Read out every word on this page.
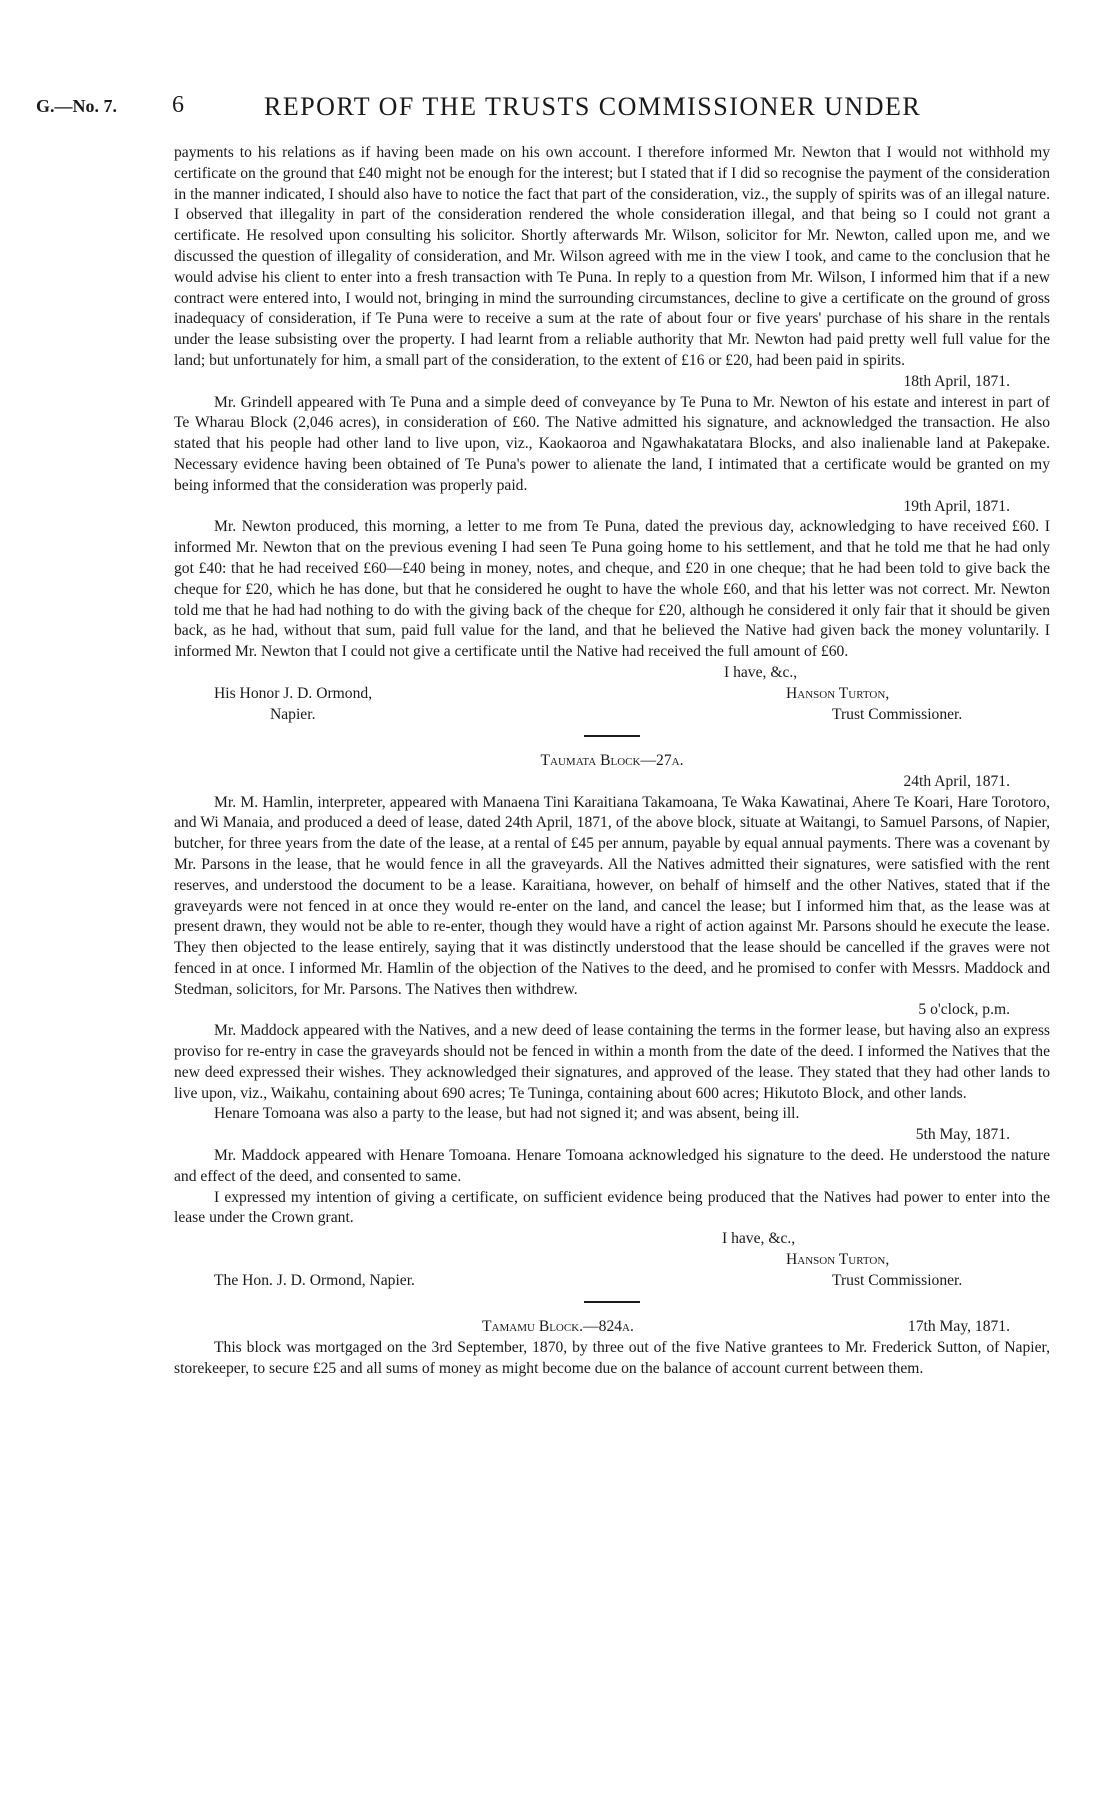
G.—No. 7. 6	REPORT OF THE TRUSTS COMMISSIONER UNDER

payments to his relations as if having been made on his own account. I therefore informed Mr. Newton that I would not withhold my certificate on the ground that £40 might not be enough for the interest; but I stated that if I did so recognise the payment of the consideration in the manner indicated, I should also have to notice the fact that part of the consideration, viz., the supply of spirits was of an illegal nature. I observed that illegality in part of the consideration rendered the whole consideration illegal, and that being so I could not grant a certificate. He resolved upon consulting his solicitor. Shortly afterwards Mr. Wilson, solicitor for Mr. Newton, called upon me, and we discussed the question of illegality of consideration, and Mr. Wilson agreed with me in the view I took, and came to the conclusion that he would advise his client to enter into a fresh transaction with Te Puna. In reply to a question from Mr. Wilson, I informed him that if a new contract were entered into, I would not, bringing in mind the surrounding circumstances, decline to give a certificate on the ground of gross inadequacy of consideration, if Te Puna were to receive a sum at the rate of about four or five years' purchase of his share in the rentals under the lease subsisting over the property. I had learnt from a reliable authority that Mr. Newton had paid pretty well full value for the land; but unfortunately for him, a small part of the consideration, to the extent of £16 or £20, had been paid in spirits.

18th April, 1871.

Mr. Grindell appeared with Te Puna and a simple deed of conveyance by Te Puna to Mr. Newton of his estate and interest in part of Te Wharau Block (2,046 acres), in consideration of £60. The Native admitted his signature, and acknowledged the transaction. He also stated that his people had other land to live upon, viz., Kaokaoroa and Ngawhakatatara Blocks, and also inalienable land at Pakepake. Necessary evidence having been obtained of Te Puna's power to alienate the land, I intimated that a certificate would be granted on my being informed that the consideration was properly paid.

19th April, 1871.

Mr. Newton produced, this morning, a letter to me from Te Puna, dated the previous day, acknowledging to have received £60. I informed Mr. Newton that on the previous evening I had seen Te Puna going home to his settlement, and that he told me that he had only got £40: that he had received £60—£40 being in money, notes, and cheque, and £20 in one cheque; that he had been told to give back the cheque for £20, which he has done, but that he considered he ought to have the whole £60, and that his letter was not correct. Mr. Newton told me that he had had nothing to do with the giving back of the cheque for £20, although he considered it only fair that it should be given back, as he had, without that sum, paid full value for the land, and that he believed the Native had given back the money voluntarily. I informed Mr. Newton that I could not give a certificate until the Native had received the full amount of £60.

I have, &c.,
His Honor J. D. Ormond,	Hanson Turton,
Napier.	Trust Commissioner.

Taumata Block—27a.

24th April, 1871.

Mr. M. Hamlin, interpreter, appeared with Manaena Tini Karaitiana Takamoana, Te Waka Kawatinai, Ahere Te Koari, Hare Torotoro, and Wi Manaia, and produced a deed of lease, dated 24th April, 1871, of the above block, situate at Waitangi, to Samuel Parsons, of Napier, butcher, for three years from the date of the lease, at a rental of £45 per annum, payable by equal annual payments. There was a covenant by Mr. Parsons in the lease, that he would fence in all the graveyards. All the Natives admitted their signatures, were satisfied with the rent reserves, and understood the document to be a lease. Karaitiana, however, on behalf of himself and the other Natives, stated that if the graveyards were not fenced in at once they would re-enter on the land, and cancel the lease; but I informed him that, as the lease was at present drawn, they would not be able to re-enter, though they would have a right of action against Mr. Parsons should he execute the lease. They then objected to the lease entirely, saying that it was distinctly understood that the lease should be cancelled if the graves were not fenced in at once. I informed Mr. Hamlin of the objection of the Natives to the deed, and he promised to confer with Messrs. Maddock and Stedman, solicitors, for Mr. Parsons. The Natives then withdrew.

5 o'clock, p.m.

Mr. Maddock appeared with the Natives, and a new deed of lease containing the terms in the former lease, but having also an express proviso for re-entry in case the graveyards should not be fenced in within a month from the date of the deed. I informed the Natives that the new deed expressed their wishes. They acknowledged their signatures, and approved of the lease. They stated that they had other lands to live upon, viz., Waikahu, containing about 690 acres; Te Tuninga, containing about 600 acres; Hikutoto Block, and other lands.

Henare Tomoana was also a party to the lease, but had not signed it; and was absent, being ill.

5th May, 1871.

Mr. Maddock appeared with Henare Tomoana. Henare Tomoana acknowledged his signature to the deed. He understood the nature and effect of the deed, and consented to same.

I expressed my intention of giving a certificate, on sufficient evidence being produced that the Natives had power to enter into the lease under the Crown grant.

I have, &c.,
Hanson Turton,
The Hon. J. D. Ormond, Napier.	Trust Commissioner.
Tamamu Block.—824a.	17th May, 1871.

This block was mortgaged on the 3rd September, 1870, by three out of the five Native grantees to Mr. Frederick Sutton, of Napier, storekeeper, to secure £25 and all sums of money as might become due on the balance of account current between them.
